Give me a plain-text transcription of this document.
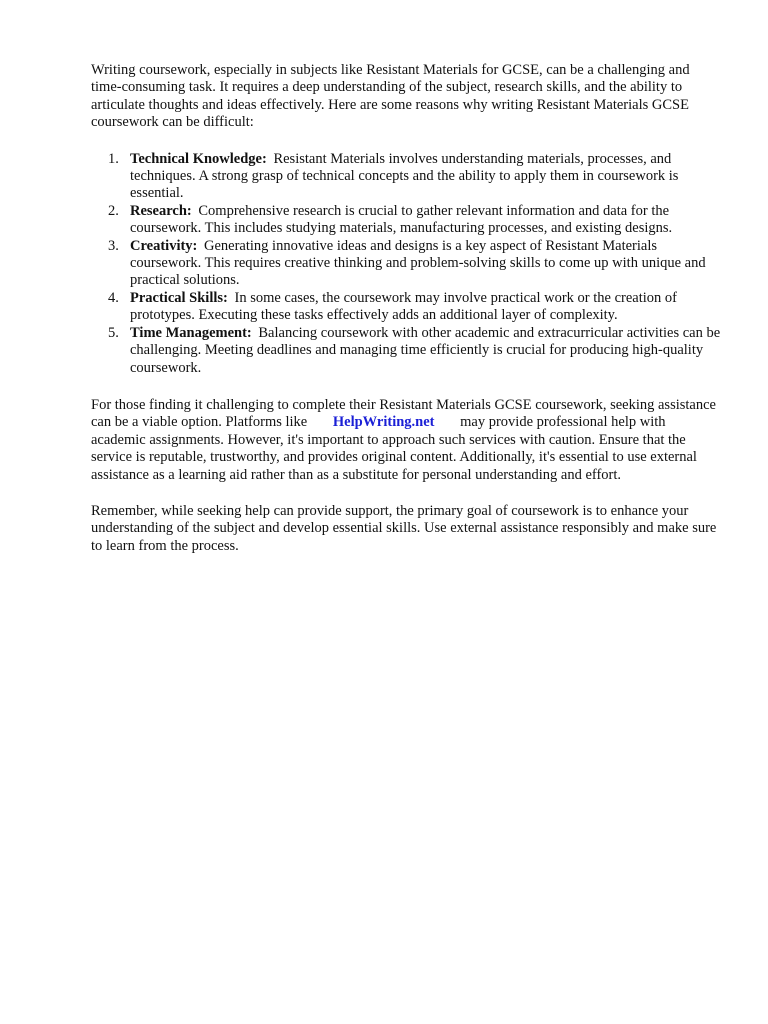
Writing coursework, especially in subjects like Resistant Materials for GCSE, can be a challenging and time-consuming task. It requires a deep understanding of the subject, research skills, and the ability to articulate thoughts and ideas effectively. Here are some reasons why writing Resistant Materials GCSE coursework can be difficult:

1. Technical Knowledge: Resistant Materials involves understanding materials, processes, and techniques. A strong grasp of technical concepts and the ability to apply them in coursework is essential.
2. Research: Comprehensive research is crucial to gather relevant information and data for the coursework. This includes studying materials, manufacturing processes, and existing designs.
3. Creativity: Generating innovative ideas and designs is a key aspect of Resistant Materials coursework. This requires creative thinking and problem-solving skills to come up with unique and practical solutions.
4. Practical Skills: In some cases, the coursework may involve practical work or the creation of prototypes. Executing these tasks effectively adds an additional layer of complexity.
5. Time Management: Balancing coursework with other academic and extracurricular activities can be challenging. Meeting deadlines and managing time efficiently is crucial for producing high-quality coursework.

For those finding it challenging to complete their Resistant Materials GCSE coursework, seeking assistance can be a viable option. Platforms like HelpWriting.net may provide professional help with academic assignments. However, it's important to approach such services with caution. Ensure that the service is reputable, trustworthy, and provides original content. Additionally, it's essential to use external assistance as a learning aid rather than as a substitute for personal understanding and effort.

Remember, while seeking help can provide support, the primary goal of coursework is to enhance your understanding of the subject and develop essential skills. Use external assistance responsibly and make sure to learn from the process.
